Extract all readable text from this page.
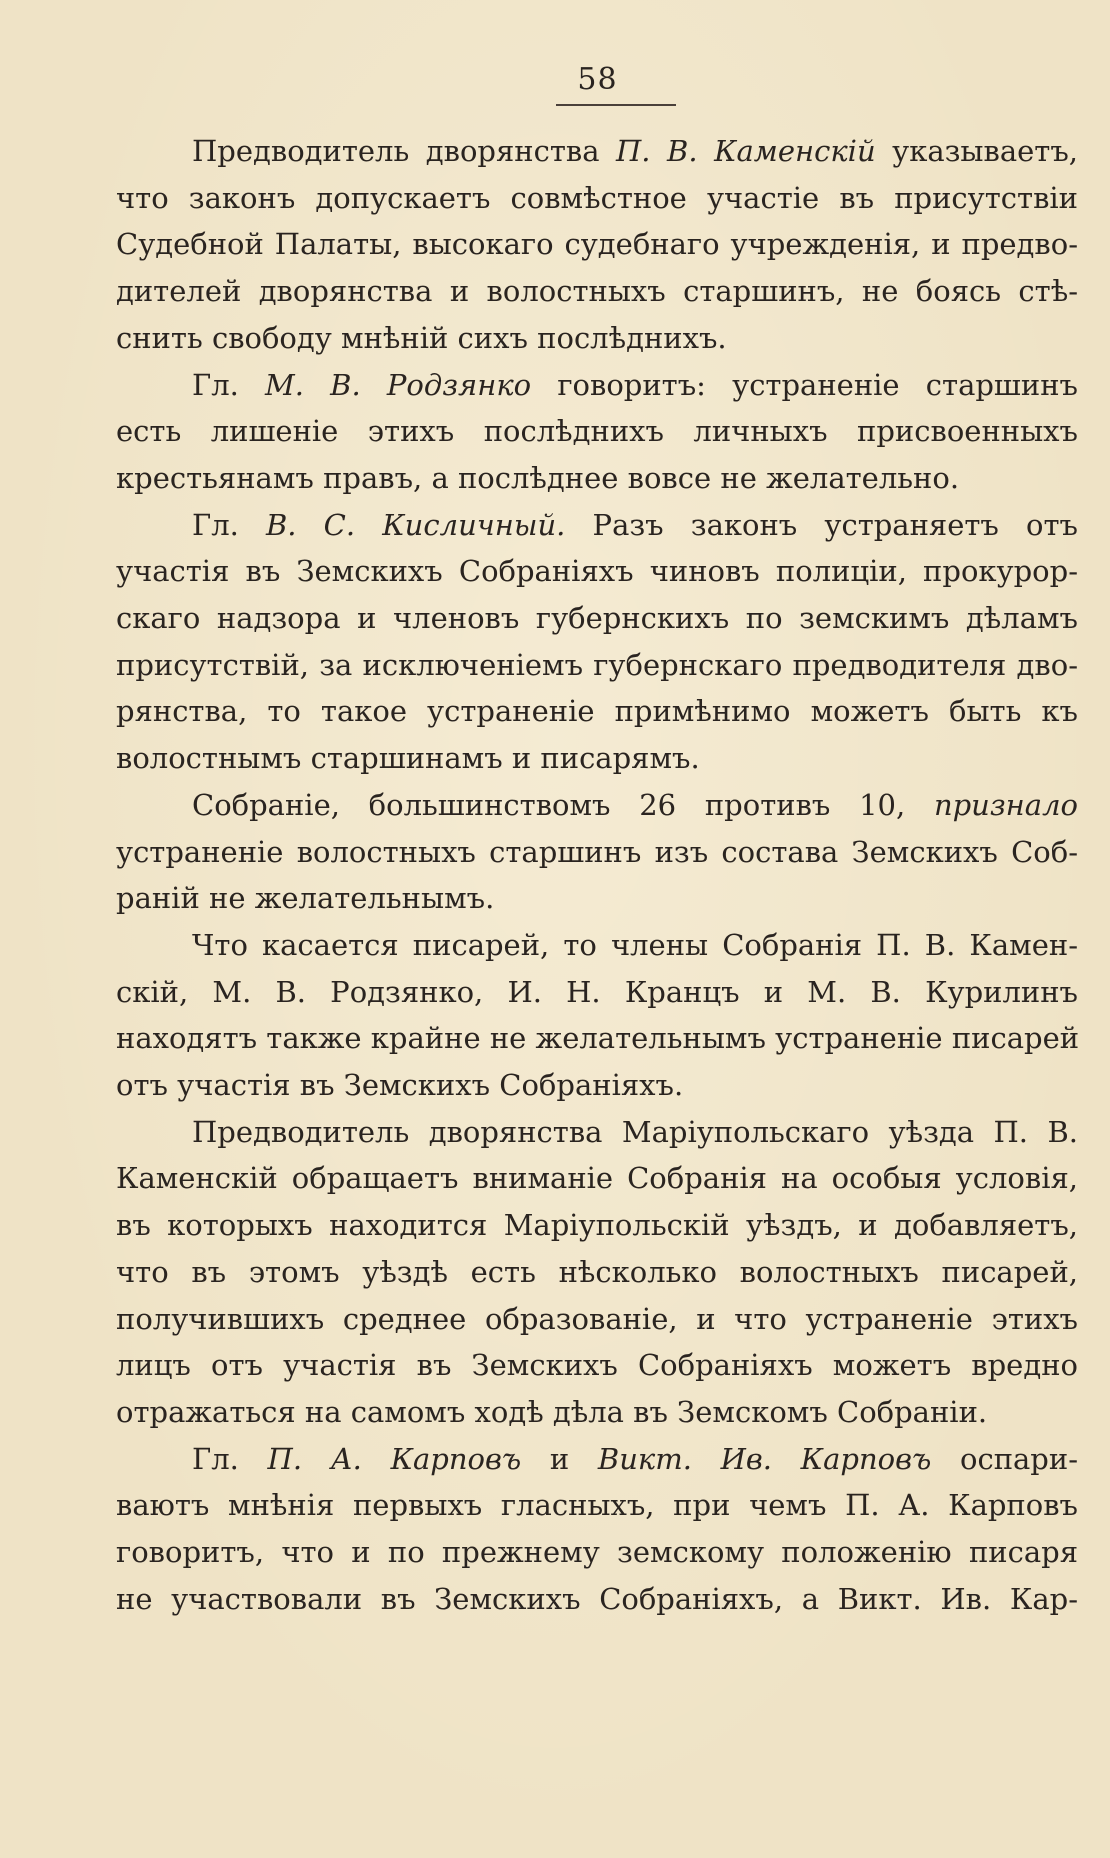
58
Предводитель дворянства П. В. Каменскій указываетъ,
что законъ допускаетъ совмѣстное участіе въ присутствіи
Судебной Палаты, высокаго судебнаго учрежденія, и предво-
дителей дворянства и волостныхъ старшинъ, не боясь стѣ-
снить свободу мнѣній сихъ послѣднихъ.
Гл. М. В. Родзянко говоритъ: устраненіе старшинъ
есть лишеніе этихъ послѣднихъ личныхъ присвоенныхъ
крестьянамъ правъ, а послѣднее вовсе не желательно.
Гл. В. С. Кисличный. Разъ законъ устраняетъ отъ
участія въ Земскихъ Собраніяхъ чиновъ полиціи, прокурор-
скаго надзора и членовъ губернскихъ по земскимъ дѣламъ
присутствій, за исключеніемъ губернскаго предводителя дво-
рянства, то такое устраненіе примѣнимо можетъ быть къ
волостнымъ старшинамъ и писарямъ.
Собраніе, большинствомъ 26 противъ 10, признало
устраненіе волостныхъ старшинъ изъ состава Земскихъ Соб-
раній не желательнымъ.
Что касается писарей, то члены Собранія П. В. Камен-
скій, М. В. Родзянко, И. Н. Кранцъ и М. В. Курилинъ
находятъ также крайне не желательнымъ устраненіе писарей
отъ участія въ Земскихъ Собраніяхъ.
Предводитель дворянства Маріупольскаго уѣзда П. В.
Каменскій обращаетъ вниманіе Собранія на особыя условія,
въ которыхъ находится Маріупольскій уѣздъ, и добавляетъ,
что въ этомъ уѣздѣ есть нѣсколько волостныхъ писарей,
получившихъ среднее образованіе, и что устраненіе этихъ
лицъ отъ участія въ Земскихъ Собраніяхъ можетъ вредно
отражаться на самомъ ходѣ дѣла въ Земскомъ Собраніи.
Гл. П. А. Карповъ и Викт. Ив. Карповъ оспари-
ваютъ мнѣнія первыхъ гласныхъ, при чемъ П. А. Карповъ
говоритъ, что и по прежнему земскому положенію писаря
не участвовали въ Земскихъ Собраніяхъ, а Викт. Ив. Кар-
